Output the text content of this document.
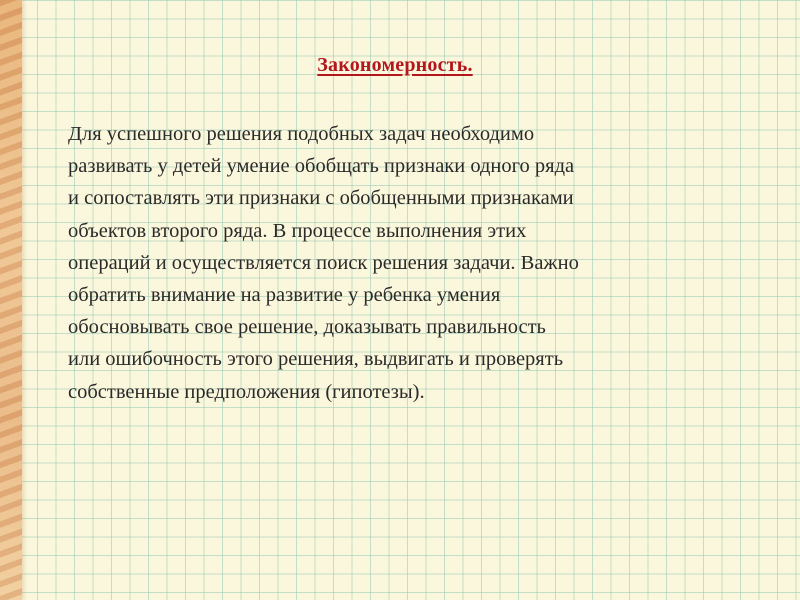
Закономерность.
Для успешного решения подобных задач необходимо
развивать у детей умение обобщать признаки одного ряда
и сопоставлять эти признаки с обобщенными признаками
объектов второго ряда. В процессе выполнения этих
операций и осуществляется поиск решения задачи. Важно
обратить внимание на развитие у ребенка умения
обосновывать свое решение, доказывать правильность
или ошибочность этого решения, выдвигать и проверять
собственные предположения (гипотезы).
